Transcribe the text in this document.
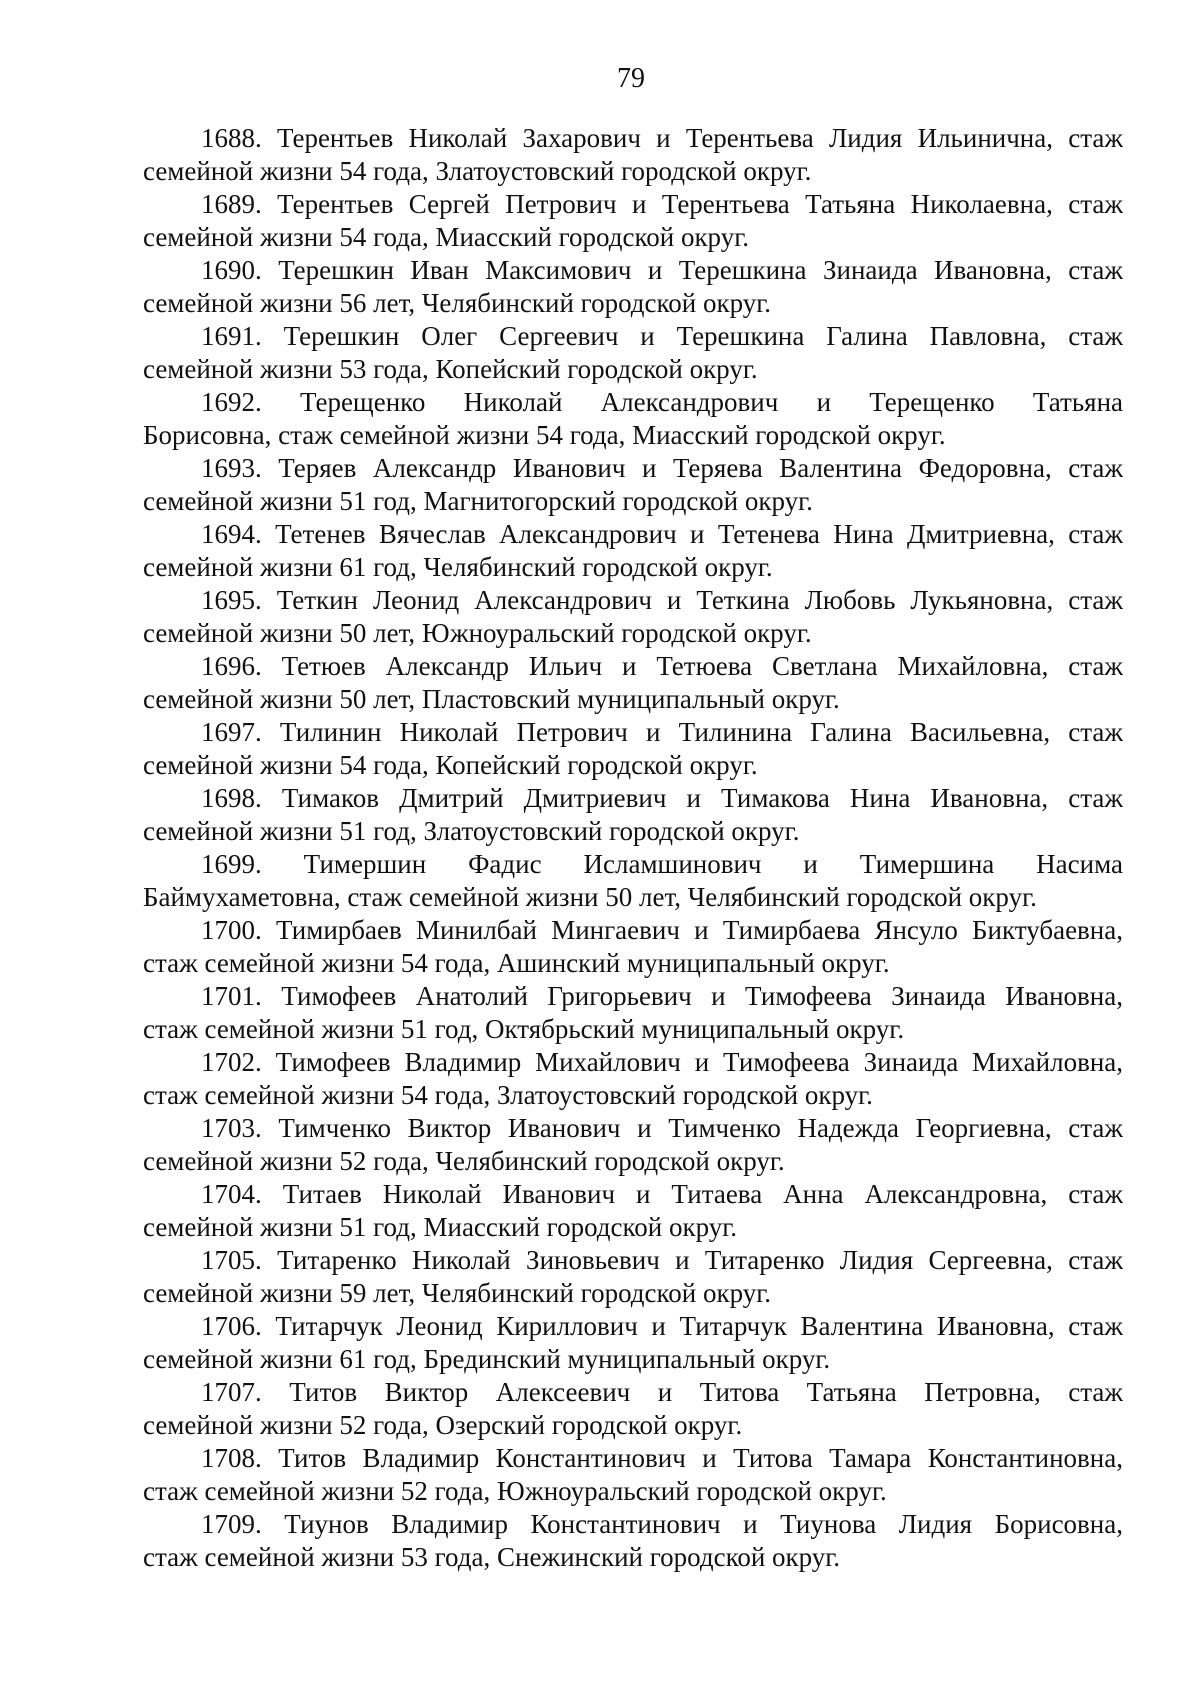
79

1688. Терентьев Николай Захарович и Терентьева Лидия Ильинична, стаж
семейной жизни 54 года, Златоустовский городской округ.

1689. Терентьев Сергей Петрович и Терентьева Татьяна Николаевна, стаж
семейной жизни 54 года, Миасский городской округ.

1690. Терешкин Иван Максимович и Терешкина Зинаида Ивановна, стаж
семейной жизни 56 лет, Челябинский городской округ.

1691. Терешкин Олег Сергеевич и Терешкина Галина Павловна, стаж
семейной жизни 53 года, Копейский городской округ.

1692. Терещенко Николай Александрович и Терещенко Татьяна
Борисовна, стаж семейной жизни 54 года, Миасский городской округ.

1693. Теряев Александр Иванович и Теряева Валентина Федоровна, стаж
семейной жизни 51 год, Магнитогорский городской округ.

1694. Тетенев Вячеслав Александрович и Тетенева Нина Дмитриевна, стаж
семейной жизни 61 год, Челябинский городской округ.

1695. Теткин Леонид Александрович и Теткина Любовь Лукьяновна, стаж
семейной жизни 50 лет, Южноуральский городской округ.

1696. Тетюев Александр Ильич и Тетюева Светлана Михайловна, стаж
семейной жизни 50 лет, Пластовский муниципальный округ.

1697. Тилинин Николай Петрович и Тилинина Галина Васильевна, стаж
семейной жизни 54 года, Копейский городской округ.

1698. Тимаков Дмитрий Дмитриевич и Тимакова Нина Ивановна, стаж
семейной жизни 51 год, Златоустовский городской округ.

1699. Тимершин Фадис Исламшинович и Тимершина Насима
Баймухаметовна, стаж семейной жизни 50 лет, Челябинский городской округ.

1700. Тимирбаев Минилбай Мингаевич и Тимирбаева Янсуло Биктубаевна,
стаж семейной жизни 54 года, Ашинский муниципальный округ.

1701. Тимофеев Анатолий Григорьевич и Тимофеева Зинаида Ивановна,
стаж семейной жизни 51 год, Октябрьский муниципальный округ.

1702. Тимофеев Владимир Михайлович и Тимофеева Зинаида Михайловна,
стаж семейной жизни 54 года, Златоустовский городской округ.

1703. Тимченко Виктор Иванович и Тимченко Надежда Георгиевна, стаж
семейной жизни 52 года, Челябинский городской округ.

1704. Титаев Николай Иванович и Титаева Анна Александровна, стаж
семейной жизни 51 год, Миасский городской округ.

1705. Титаренко Николай Зиновьевич и Титаренко Лидия Сергеевна, стаж
семейной жизни 59 лет, Челябинский городской округ.

1706. Титарчук Леонид Кириллович и Титарчук Валентина Ивановна, стаж
семейной жизни 61 год, Брединский муниципальный округ.

1707. Титов Виктор Алексеевич и Титова Татьяна Петровна, стаж
семейной жизни 52 года, Озерский городской округ.

1708. Титов Владимир Константинович и Титова Тамара Константиновна,
стаж семейной жизни 52 года, Южноуральский городской округ.

1709. Тиунов Владимир Константинович и Тиунова Лидия Борисовна,
стаж семейной жизни 53 года, Снежинский городской округ.
